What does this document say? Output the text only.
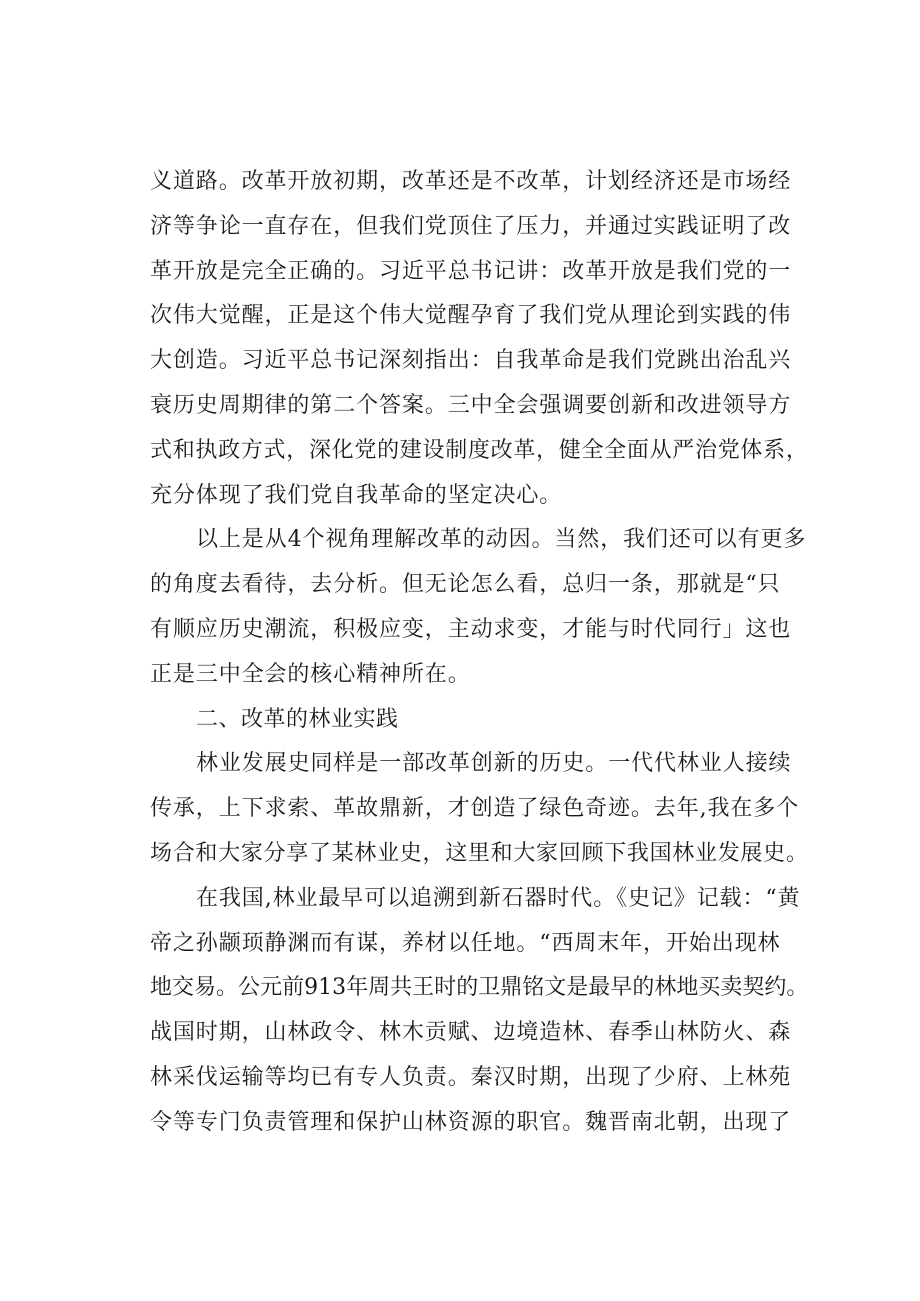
义道路。改革开放初期，改革还是不改革，计划经济还是市场经
济等争论一直存在，但我们党顶住了压力，并通过实践证明了改
革开放是完全正确的。习近平总书记讲：改革开放是我们党的一
次伟大觉醒，正是这个伟大觉醒孕育了我们党从理论到实践的伟
大创造。习近平总书记深刻指出：自我革命是我们党跳出治乱兴
衰历史周期律的第二个答案。三中全会强调要创新和改进领导方
式和执政方式，深化党的建设制度改革，健全全面从严治党体系，
充分体现了我们党自我革命的坚定决心。
以上是从4个视角理解改革的动因。当然，我们还可以有更多
的角度去看待，去分析。但无论怎么看，总归一条，那就是“只
有顺应历史潮流，积极应变，主动求变，才能与时代同行」这也
正是三中全会的核心精神所在。
二、改革的林业实践
林业发展史同样是一部改革创新的历史。一代代林业人接续
传承，上下求索、革故鼎新，才创造了绿色奇迹。去年,我在多个
场合和大家分享了某林业史，这里和大家回顾下我国林业发展史。
在我国,林业最早可以追溯到新石器时代。《史记》记载：“黄
帝之孙颛顼静渊而有谋，养材以任地。“西周末年，开始出现林
地交易。公元前913年周共王时的卫鼎铭文是最早的林地买卖契约。
战国时期，山林政令、林木贡赋、边境造林、春季山林防火、森
林采伐运输等均已有专人负责。秦汉时期，出现了少府、上林苑
令等专门负责管理和保护山林资源的职官。魏晋南北朝，出现了
